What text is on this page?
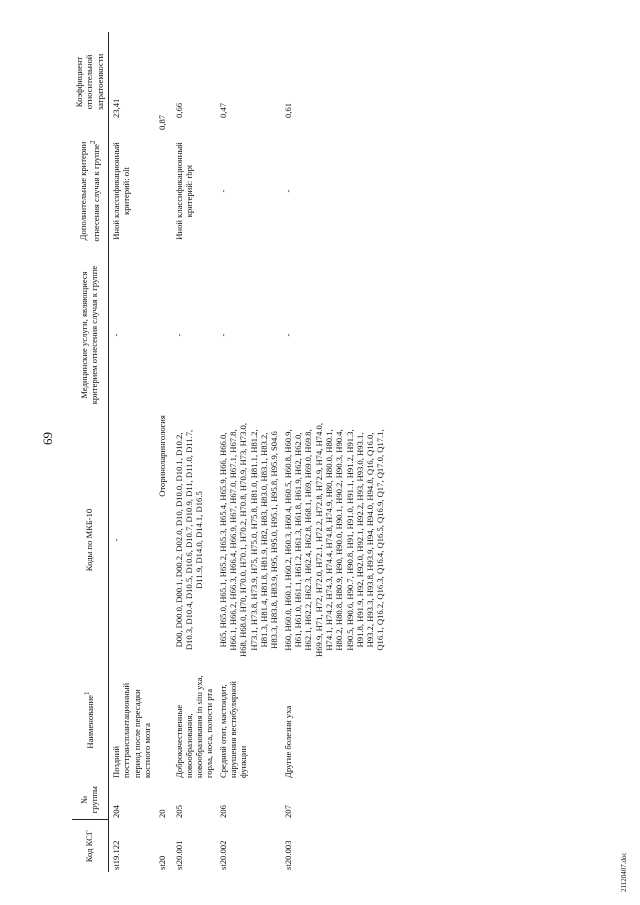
69
Код КСГ	№ группы	Наименование$^1$	Коды по МКБ-10	Медицинские услуги, являющиеся критерием отнесения случая к группе	Дополнительные критерии отнесения случая к группе$^2$	Коэффициент относительной затратоемкости
st19.122	204	Поздний посттрансплантационный период после пересадки костного мозга	-	-	Иной классификационный критерий: olt	23,41
st20	20	Оториноларингология				0,87
st20.001	205	Доброкачественные новообразования, новообразования in situ уха, горла, носа, полости рта	D00, D00.0, D00.1, D00.2, D02.0, D10, D10.0, D10.1, D10.2, D10.3, D10.4, D10.5, D10.6, D10.7, D10.9, D11, D11.0, D11.7, D11.9, D14.0, D14.1, D16.5	-	Иной классификационный критерий: rbpt	0,66
st20.002	206	Средний отит, мастоидит, нарушения вестибулярной функции	H65, H65.0, H65.1, H65.2, H65.3, H65.4, H65.9, H66, H66.0, H66.1, H66.2, H66.3, H66.4, H66.9, H67, H67.0, H67.1, H67.8, H68, H68.0, H70, H70.0, H70.1, H70.2, H70.8, H70.9, H73, H73.0, H73.1, H73.8, H73.9, H75, H75.0, H75.8, H81.0, H81.1, H81.2, H81.3, H81.4, H81.8, H81.9, H82, H83, H83.0, H83.1, H83.2, H83.3, H83.8, H83.9, H95, H95.0, H95.1, H95.8, H95.9, S04.6	-	-	0,47
st20.003	207	Другие болезни уха	H60, H60.0, H60.1, H60.2, H60.3, H60.4, H60.5, H60.8, H60.9, H61, H61.0, H61.1, H61.2, H61.3, H61.8, H61.9, H62, H62.0, H62.1, H62.2, H62.3, H62.4, H62.8, H68.1, H69, H69.0, H69.8, H69.9, H71, H72, H72.0, H72.1, H72.2, H72.8, H72.9, H74, H74.0, H74.1, H74.2, H74.3, H74.4, H74.8, H74.9, H80, H80.0, H80.1, H80.2, H80.8, H80.9, H90, H90.0, H90.1, H90.2, H90.3, H90.4, H90.5, H90.6, H90.7, H90.8, H91, H91.0, H91.1, H91.2, H91.3, H91.8, H91.9, H92, H92.0, H92.1, H92.2, H93, H93.0, H93.1, H93.2, H93.3, H93.8, H93.9, H94, H94.0, H94.8, Q16, Q16.0, Q16.1, Q16.2, Q16.3, Q16.4, Q16.5, Q16.9, Q17, Q17.0, Q17.1,	-	-	0,61
21120407.doc
